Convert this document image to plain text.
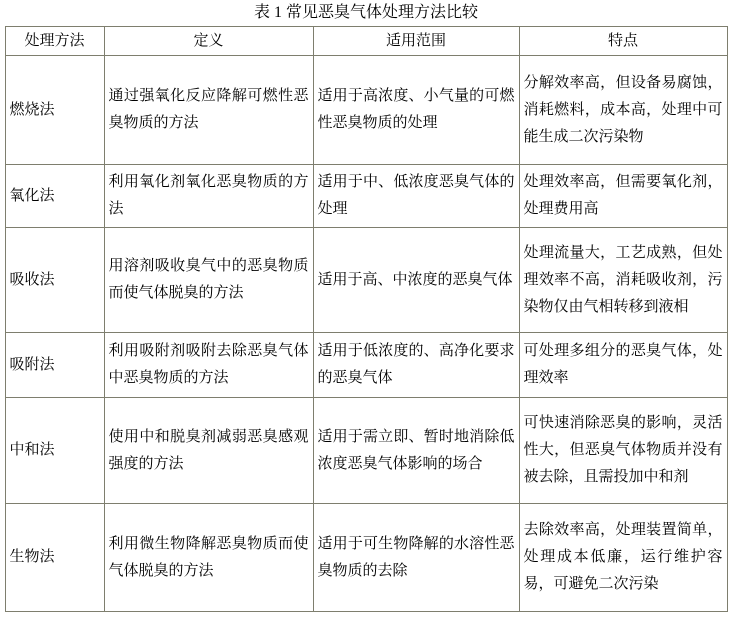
表 1 常见恶臭气体处理方法比较
处理方法	定义	适用范围	特点
燃烧法	通过强氧化反应降解可燃性恶臭物质的方法	适用于高浓度、小气量的可燃性恶臭物质的处理	分解效率高，但设备易腐蚀，消耗燃料，成本高，处理中可能生成二次污染物
氧化法	利用氧化剂氧化恶臭物质的方法	适用于中、低浓度恶臭气体的处理	处理效率高，但需要氧化剂，处理费用高
吸收法	用溶剂吸收臭气中的恶臭物质而使气体脱臭的方法	适用于高、中浓度的恶臭气体	处理流量大，工艺成熟，但处理效率不高，消耗吸收剂，污染物仅由气相转移到液相
吸附法	利用吸附剂吸附去除恶臭气体中恶臭物质的方法	适用于低浓度的、高净化要求的恶臭气体	可处理多组分的恶臭气体，处理效率
中和法	使用中和脱臭剂减弱恶臭感观强度的方法	适用于需立即、暂时地消除低浓度恶臭气体影响的场合	可快速消除恶臭的影响，灵活性大，但恶臭气体物质并没有被去除，且需投加中和剂
生物法	利用微生物降解恶臭物质而使气体脱臭的方法	适用于可生物降解的水溶性恶臭物质的去除	去除效率高，处理装置简单，处理成本低廉，运行维护容易，可避免二次污染
